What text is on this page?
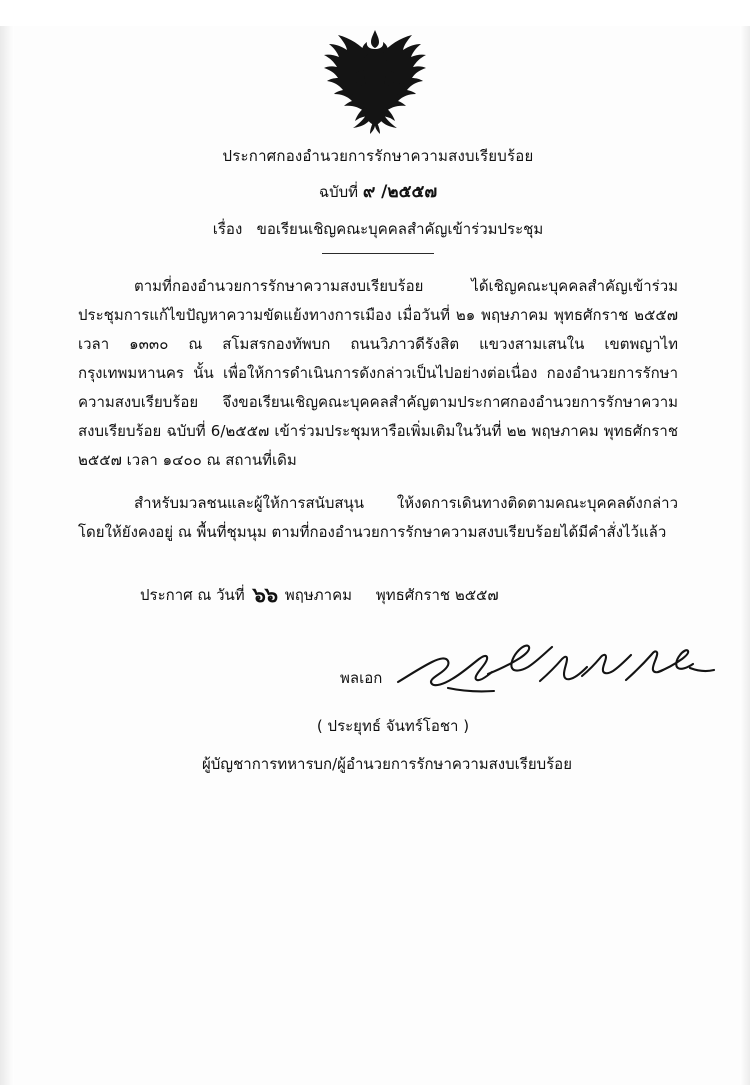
ประกาศกองอำนวยการรักษาความสงบเรียบร้อย
ฉบับที่ ๙ /๒๕๕๗
เรื่อง ขอเรียนเชิญคณะบุคคลสำคัญเข้าร่วมประชุม
ตามที่กองอำนวยการรักษาความสงบเรียบร้อย ได้เชิญคณะบุคคลสำคัญเข้าร่วมประชุมการแก้ไขปัญหาความขัดแย้งทางการเมือง เมื่อวันที่ ๒๑ พฤษภาคม พุทธศักราช ๒๕๕๗ เวลา ๑๓๓๐ ณ สโมสรกองทัพบก ถนนวิภาวดีรังสิต แขวงสามเสนใน เขตพญาไท กรุงเทพมหานคร นั้น เพื่อให้การดำเนินการดังกล่าวเป็นไปอย่างต่อเนื่อง กองอำนวยการรักษาความสงบเรียบร้อย จึงขอเรียนเชิญคณะบุคคลสำคัญตามประกาศกองอำนวยการรักษาความสงบเรียบร้อย ฉบับที่ 6/๒๕๕๗ เข้าร่วมประชุมหารือเพิ่มเติมในวันที่ ๒๒ พฤษภาคม พุทธศักราช ๒๕๕๗ เวลา ๑๔๐๐ ณ สถานที่เดิม
สำหรับมวลชนและผู้ให้การสนับสนุน ให้งดการเดินทางติดตามคณะบุคคลดังกล่าว โดยให้ยังคงอยู่ ณ พื้นที่ชุมนุม ตามที่กองอำนวยการรักษาความสงบเรียบร้อยได้มีคำสั่งไว้แล้ว
ประกาศ ณ วันที่ ๖๖ พฤษภาคม พุทธศักราช ๒๕๕๗
พลเอก
( ประยุทธ์ จันทร์โอชา )
ผู้บัญชาการทหารบก/ผู้อำนวยการรักษาความสงบเรียบร้อย
